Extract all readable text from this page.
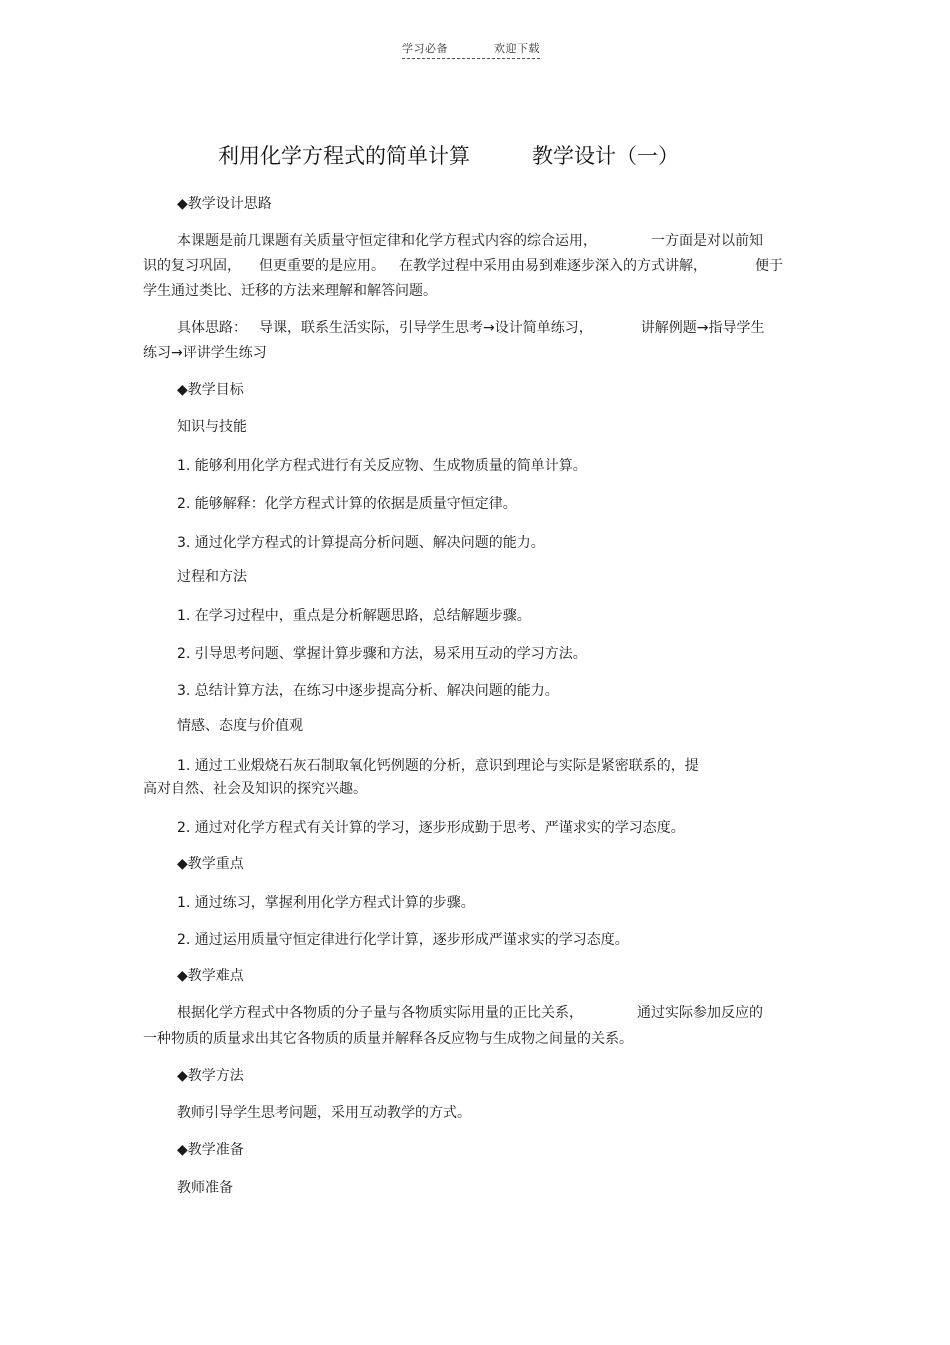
学习必备	欢迎下载
利用化学方程式的简单计算	教学设计（一）
◆教学设计思路
本课题是前几课题有关质量守恒定律和化学方程式内容的综合运用，	一方面是对以前知
识的复习巩固， 但更重要的是应用。 在教学过程中采用由易到难逐步深入的方式讲解，	便于
学生通过类比、迁移的方法来理解和解答问题。
具体思路： 导课，联系生活实际，引导学生思考→设计简单练习，	讲解例题→指导学生
练习→评讲学生练习
◆教学目标
知识与技能
1. 能够利用化学方程式进行有关反应物、生成物质量的简单计算。
2. 能够解释：化学方程式计算的依据是质量守恒定律。
3. 通过化学方程式的计算提高分析问题、解决问题的能力。
过程和方法
1. 在学习过程中，重点是分析解题思路，总结解题步骤。
2. 引导思考问题、掌握计算步骤和方法，易采用互动的学习方法。
3. 总结计算方法，在练习中逐步提高分析、解决问题的能力。
情感、态度与价值观
1. 通过工业煅烧石灰石制取氧化钙例题的分析，意识到理论与实际是紧密联系的，提
高对自然、社会及知识的探究兴趣。
2. 通过对化学方程式有关计算的学习，逐步形成勤于思考、严谨求实的学习态度。
◆教学重点
1. 通过练习，掌握利用化学方程式计算的步骤。
2. 通过运用质量守恒定律进行化学计算，逐步形成严谨求实的学习态度。
◆教学难点
根据化学方程式中各物质的分子量与各物质实际用量的正比关系，	通过实际参加反应的
一种物质的质量求出其它各物质的质量并解释各反应物与生成物之间量的关系。
◆教学方法
教师引导学生思考问题，采用互动教学的方式。
◆教学准备
教师准备
